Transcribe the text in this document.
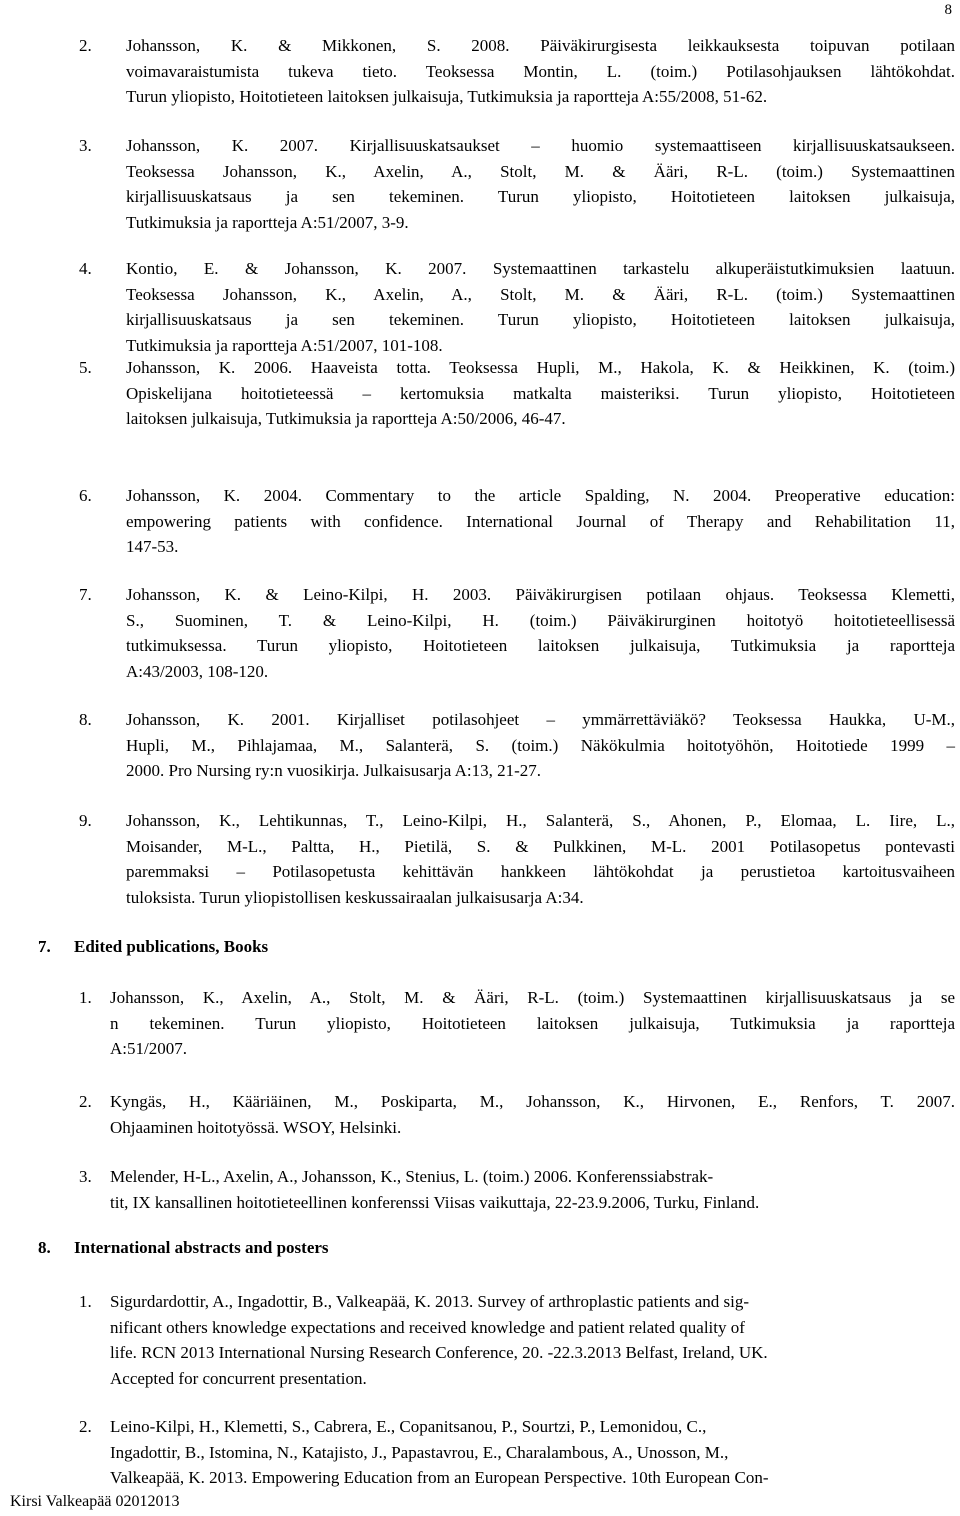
8
2. Johansson, K. & Mikkonen, S. 2008. Päiväkirurgisesta leikkauksesta toipuvan potilaan
voimavaraistumista tukeva tieto. Teoksessa Montin, L. (toim.) Potilasohjauksen lähtökohdat.
Turun yliopisto, Hoitotieteen laitoksen julkaisuja, Tutkimuksia ja raportteja A:55/2008, 51-62.
3. Johansson, K. 2007. Kirjallisuuskatsaukset – huomio systemaattiseen kirjallisuuskatsaukseen.
Teoksessa Johansson, K., Axelin, A., Stolt, M. & Ääri, R-L. (toim.) Systemaattinen
kirjallisuuskatsaus ja sen tekeminen. Turun yliopisto, Hoitotieteen laitoksen julkaisuja,
Tutkimuksia ja raportteja A:51/2007, 3-9.
4. Kontio, E. & Johansson, K. 2007. Systemaattinen tarkastelu alkuperäistutkimuksien laatuun.
Teoksessa Johansson, K., Axelin, A., Stolt, M. & Ääri, R-L. (toim.) Systemaattinen
kirjallisuuskatsaus ja sen tekeminen. Turun yliopisto, Hoitotieteen laitoksen julkaisuja,
Tutkimuksia ja raportteja A:51/2007, 101-108.
5. Johansson, K. 2006. Haaveista totta. Teoksessa Hupli, M., Hakola, K. & Heikkinen, K. (toim.)
Opiskelijana hoitotieteessä – kertomuksia matkalta maisteriksi. Turun yliopisto, Hoitotieteen
laitoksen julkaisuja, Tutkimuksia ja raportteja A:50/2006, 46-47.
6. Johansson, K. 2004. Commentary to the article Spalding, N. 2004. Preoperative education:
empowering patients with confidence. International Journal of Therapy and Rehabilitation 11,
147-53.
7. Johansson, K. & Leino-Kilpi, H. 2003. Päiväkirurgisen potilaan ohjaus. Teoksessa Klemetti,
S., Suominen, T. & Leino-Kilpi, H. (toim.) Päiväkirurginen hoitotyö hoitotieteellisessä
tutkimuksessa. Turun yliopisto, Hoitotieteen laitoksen julkaisuja, Tutkimuksia ja raportteja
A:43/2003, 108-120.
8. Johansson, K. 2001. Kirjalliset potilasohjeet – ymmärrettäviäkö? Teoksessa Haukka, U-M.,
Hupli, M., Pihlajamaa, M., Salanterä, S. (toim.) Näkökulmia hoitotyöhön, Hoitotiede 1999 –
2000. Pro Nursing ry:n vuosikirja. Julkaisusarja A:13, 21-27.
9. Johansson, K., Lehtikunnas, T., Leino-Kilpi, H., Salanterä, S., Ahonen, P., Elomaa, L. Iire, L.,
Moisander, M-L., Paltta, H., Pietilä, S. & Pulkkinen, M-L. 2001 Potilasopetus pontevasti
paremmaksi – Potilasopetusta kehittävän hankkeen lähtökohdat ja perustietoa kartoitusvaiheen
tuloksista. Turun yliopistollisen keskussairaalan julkaisusarja A:34.
7. Edited publications, Books
1. Johansson, K., Axelin, A., Stolt, M. & Ääri, R-L. (toim.) Systemaattinen kirjallisuuskatsaus ja se
n tekeminen. Turun yliopisto, Hoitotieteen laitoksen julkaisuja, Tutkimuksia ja raportteja
A:51/2007.
2. Kyngäs, H., Kääriäinen, M., Poskiparta, M., Johansson, K., Hirvonen, E., Renfors, T. 2007.
Ohjaaminen hoitotyössä. WSOY, Helsinki.
3. Melender, H-L., Axelin, A., Johansson, K., Stenius, L. (toim.) 2006. Konferenssiabstrak-
tit, IX kansallinen hoitotieteellinen konferenssi Viisas vaikuttaja, 22-23.9.2006, Turku, Finland.
8. International abstracts and posters
1. Sigurdardottir, A., Ingadottir, B., Valkeapää, K. 2013. Survey of arthroplastic patients and sig-
nificant others knowledge expectations and received knowledge and patient related quality of
life. RCN 2013 International Nursing Research Conference, 20. -22.3.2013 Belfast, Ireland, UK.
Accepted for concurrent presentation.
2. Leino-Kilpi, H., Klemetti, S., Cabrera, E., Copanitsanou, P., Sourtzi, P., Lemonidou, C.,
Ingadottir, B., Istomina, N., Katajisto, J., Papastavrou, E., Charalambous, A., Unosson, M.,
Valkeapää, K. 2013. Empowering Education from an European Perspective. 10th European Con-
Kirsi Valkeapää 02012013
